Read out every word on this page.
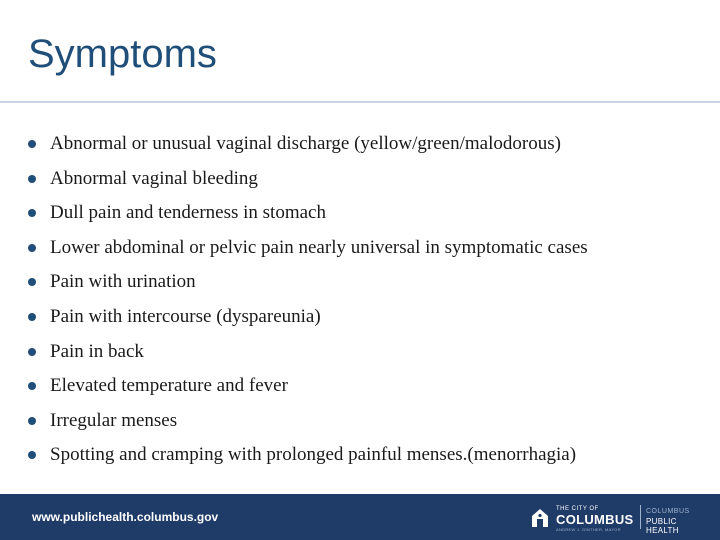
Symptoms
Abnormal or unusual vaginal discharge (yellow/green/malodorous)
Abnormal vaginal bleeding
Dull pain and tenderness in stomach
Lower abdominal or pelvic pain nearly universal in symptomatic cases
Pain with urination
Pain with intercourse (dyspareunia)
Pain in back
Elevated temperature and fever
Irregular menses
Spotting and cramping with prolonged painful menses.(menorrhagia)
www.publichealth.columbus.gov
THE CITY OF
COLUMBUS
ANDREW J. GINTHER, MAYOR
COLUMBUS
PUBLIC HEALTH
